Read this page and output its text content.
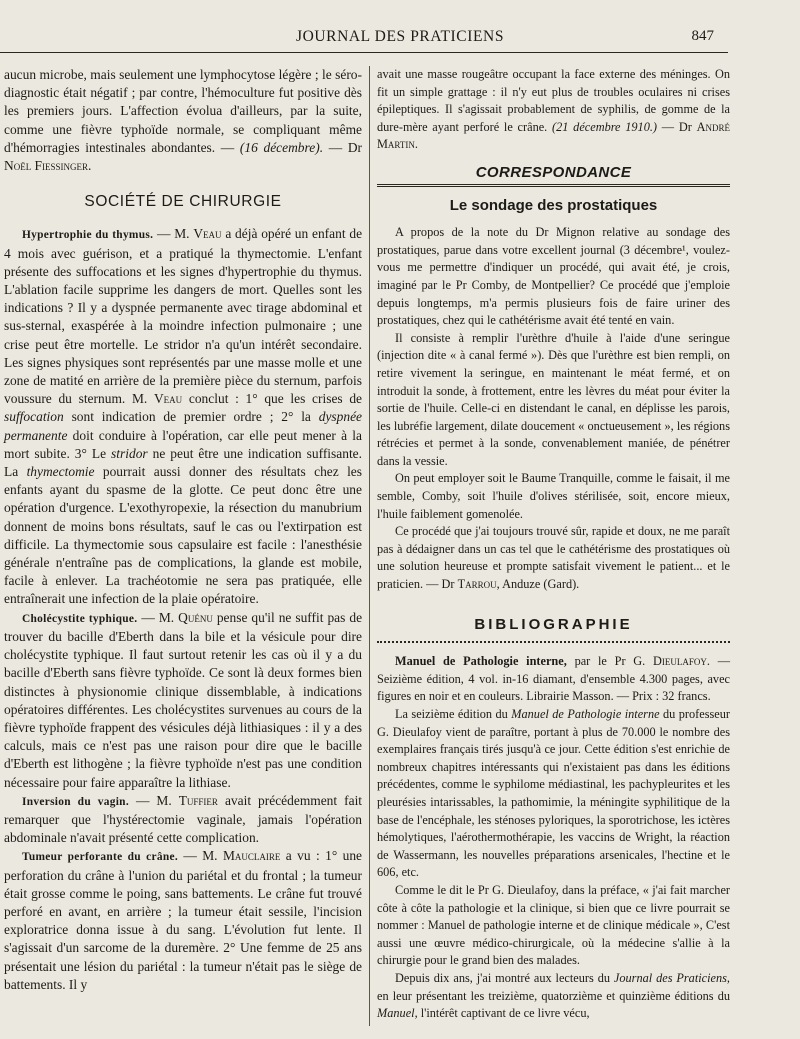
JOURNAL DES PRATICIENS	847

aucun microbe, mais seulement une lymphocytose légère ; le séro-diagnostic était négatif ; par contre, l'hémoculture fut positive dès les premiers jours. L'affection évolua d'ailleurs, par la suite, comme une fièvre typhoïde normale, se compliquant même d'hémorragies intestinales abondantes. — (16 décembre). — Dr Noël Fiessinger.

SOCIÉTÉ DE CHIRURGIE

Hypertrophie du thymus. — M. Veau a déjà opéré un enfant de 4 mois avec guérison, et a pratiqué la thymectomie. L'enfant présente des suffocations et les signes d'hypertrophie du thymus. L'ablation facile supprime les dangers de mort. Quelles sont les indications ? Il y a dyspnée permanente avec tirage abdominal et sus-sternal, exaspérée à la moindre infection pulmonaire ; une crise peut être mortelle. Le stridor n'a qu'un intérêt secondaire. Les signes physiques sont représentés par une masse molle et une zone de matité en arrière de la première pièce du sternum, parfois voussure du sternum. M. Veau conclut : 1° que les crises de suffocation sont indication de premier ordre ; 2° la dyspnée permanente doit conduire à l'opération, car elle peut mener à la mort subite. 3° Le stridor ne peut être une indication suffisante. La thymectomie pourrait aussi donner des résultats chez les enfants ayant du spasme de la glotte. Ce peut donc être une opération d'urgence. L'exothyropexie, la résection du manubrium donnent de moins bons résultats, sauf le cas ou l'extirpation est difficile. La thymectomie sous capsulaire est facile : l'anesthésie générale n'entraîne pas de complications, la glande est mobile, facile à enlever. La trachéotomie ne sera pas pratiquée, elle entraînerait une infection de la plaie opératoire.

Cholécystite typhique. — M. Quénu pense qu'il ne suffit pas de trouver du bacille d'Eberth dans la bile et la vésicule pour dire cholécystite typhique. Il faut surtout retenir les cas où il y a du bacille d'Eberth sans fièvre typhoïde. Ce sont là deux formes bien distinctes à physionomie clinique dissemblable, à indications opératoires différentes. Les cholécystites survenues au cours de la fièvre typhoïde frappent des vésicules déjà lithiasiques : il y a des calculs, mais ce n'est pas une raison pour dire que le bacille d'Eberth est lithogène ; la fièvre typhoïde n'est pas une condition nécessaire pour faire apparaître la lithiase.

Inversion du vagin. — M. Tuffier avait précédemment fait remarquer que l'hystérectomie vaginale, jamais l'opération abdominale n'avait présenté cette complication.

Tumeur perforante du crâne. — M. Mauclaire a vu : 1° une perforation du crâne à l'union du pariétal et du frontal ; la tumeur était grosse comme le poing, sans battements. Le crâne fut trouvé perforé en avant, en arrière ; la tumeur était sessile, l'incision exploratrice donna issue à du sang. L'évolution fut lente. Il s'agissait d'un sarcome de la duremère. 2° Une femme de 25 ans présentait une lésion du pariétal : la tumeur n'était pas le siège de battements. Il y

avait une masse rougeâtre occupant la face externe des méninges. On fit un simple grattage : il n'y eut plus de troubles oculaires ni crises épileptiques. Il s'agissait probablement de syphilis, de gomme de la dure-mère ayant perforé le crâne. (21 décembre 1910.) — Dr André Martin.

CORRESPONDANCE
Le sondage des prostatiques

A propos de la note du Dr Mignon relative au sondage des prostatiques, parue dans votre excellent journal (3 décembre¹, voulez-vous me permettre d'indiquer un procédé, qui avait été, je crois, imaginé par le Pr Comby, de Montpellier? Ce procédé que j'emploie depuis longtemps, m'a permis plusieurs fois de faire uriner des prostatiques, chez qui le cathétérisme avait été tenté en vain.

Il consiste à remplir l'urèthre d'huile à l'aide d'une seringue (injection dite « à canal fermé »). Dès que l'urèthre est bien rempli, on retire vivement la seringue, en maintenant le méat fermé, et on introduit la sonde, à frottement, entre les lèvres du méat pour éviter la sortie de l'huile. Celle-ci en distendant le canal, en déplisse les parois, les lubréfie largement, dilate doucement « onctueusement », les régions rétrécies et permet à la sonde, convenablement maniée, de pénétrer dans la vessie.

On peut employer soit le Baume Tranquille, comme le faisait, il me semble, Comby, soit l'huile d'olives stérilisée, soit, encore mieux, l'huile faiblement gomenolée.

Ce procédé que j'ai toujours trouvé sûr, rapide et doux, ne me paraît pas à dédaigner dans un cas tel que le cathétérisme des prostatiques où une solution heureuse et prompte satisfait vivement le patient... et le praticien. — Dr Tarrou, Anduze (Gard).

BIBLIOGRAPHIE

Manuel de Pathologie interne, par le Pr G. Dieulafoy. — Seizième édition, 4 vol. in-16 diamant, d'ensemble 4.300 pages, avec figures en noir et en couleurs. Librairie Masson. — Prix : 32 francs.

La seizième édition du Manuel de Pathologie interne du professeur G. Dieulafoy vient de paraître, portant à plus de 70.000 le nombre des exemplaires français tirés jusqu'à ce jour. Cette édition s'est enrichie de nombreux chapitres intéressants qui n'existaient pas dans les éditions précédentes, comme le syphilome médiastinal, les pachypleurites et les pleurésies intarissables, la pathomimie, la méningite syphilitique de la base de l'encéphale, les sténoses pyloriques, la sporotrichose, les ictères hémolytiques, l'aérothermothérapie, les vaccins de Wright, la réaction de Wassermann, les nouvelles préparations arsenicales, l'hectine et le 606, etc.

Comme le dit le Pr G. Dieulafoy, dans la préface, « j'ai fait marcher côte à côte la pathologie et la clinique, si bien que ce livre pourrait se nommer : Manuel de pathologie interne et de clinique médicale », C'est aussi une œuvre médico-chirurgicale, où la médecine s'allie à la chirurgie pour le grand bien des malades.

Depuis dix ans, j'ai montré aux lecteurs du Journal des Praticiens, en leur présentant les treizième, quatorzième et quinzième éditions du Manuel, l'intérêt captivant de ce livre vécu,
